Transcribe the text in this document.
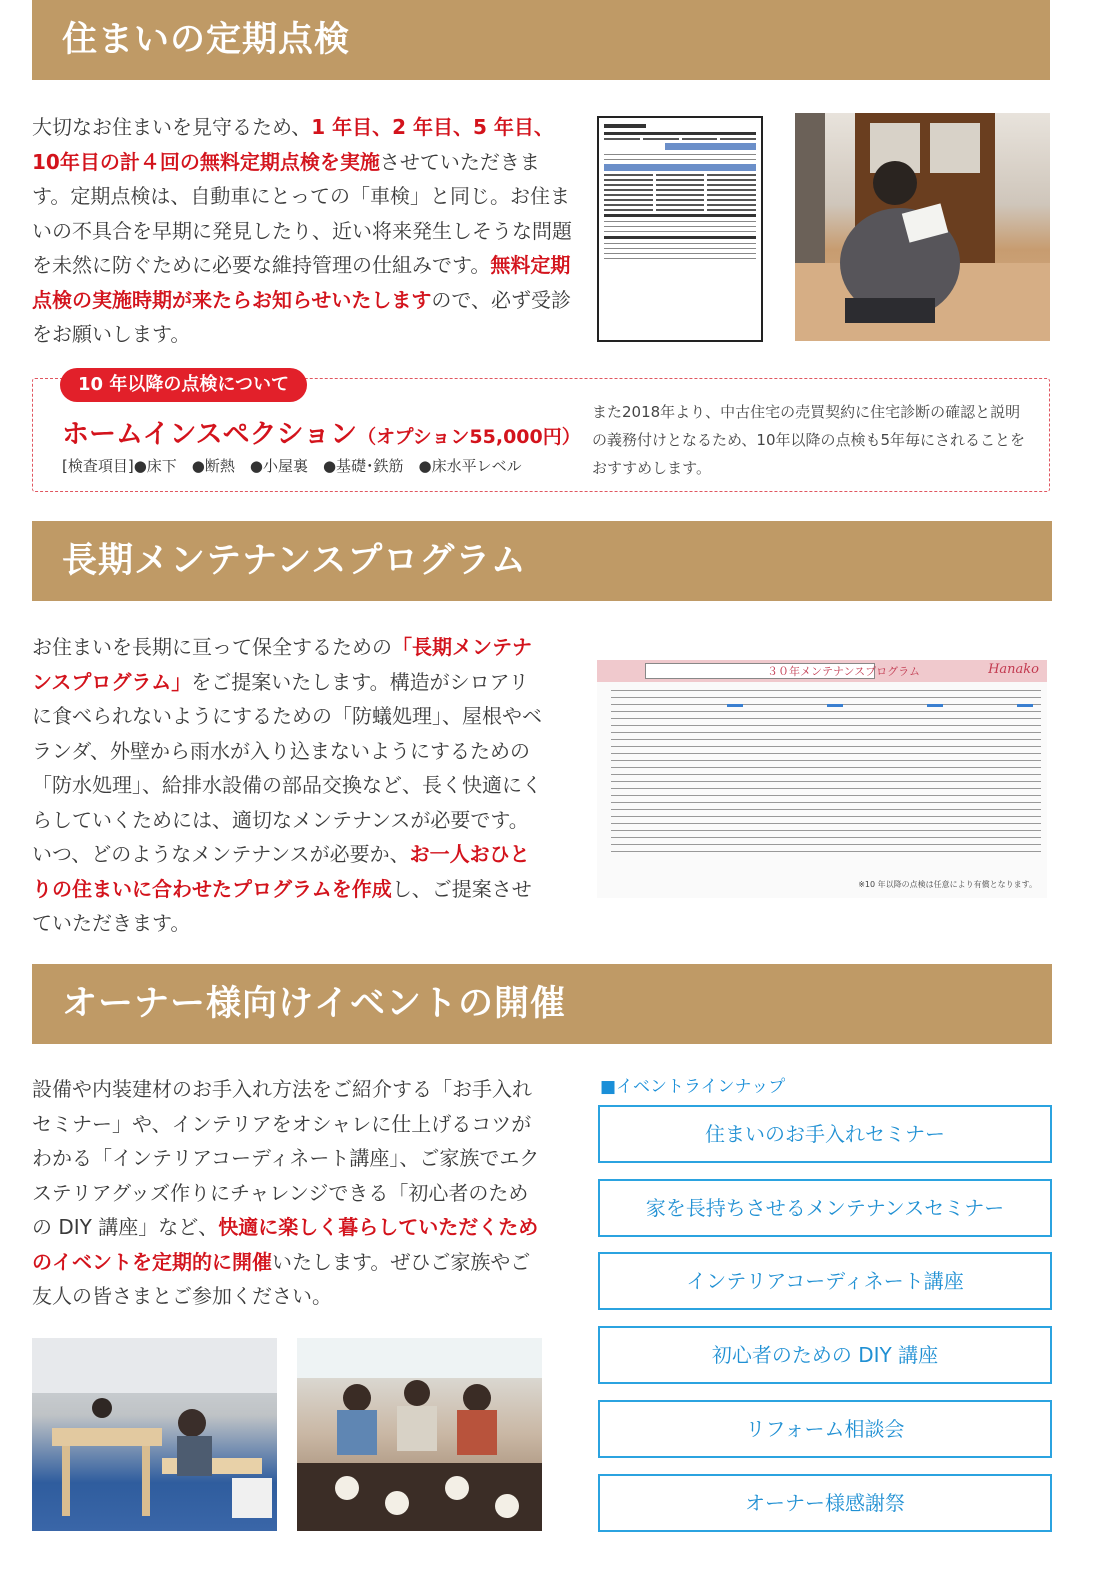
住まいの定期点検

大切なお住まいを見守るため、1 年目、2 年目、5 年目、10年目の計４回の無料定期点検を実施させていただきます。定期点検は、自動車にとっての「車検」と同じ。お住まいの不具合を早期に発見したり、近い将来発生しそうな問題を未然に防ぐために必要な維持管理の仕組みです。無料定期点検の実施時期が来たらお知らせいたしますので、必ず受診をお願いします。

10 年以降の点検について
ホームインスペクション（オプション55,000円）
[検査項目]●床下　●断熱　●小屋裏　●基礎･鉄筋　●床水平レベル

また2018年より、中古住宅の売買契約に住宅診断の確認と説明の義務付けとなるため、10年以降の点検も5年毎にされることをおすすめします。

長期メンテナンスプログラム

お住まいを長期に亘って保全するための「長期メンテナンスプログラム」をご提案いたします。構造がシロアリに食べられないようにするための「防蟻処理」、屋根やベランダ、外壁から雨水が入り込まないようにするための「防水処理」、給排水設備の部品交換など、長く快適にくらしていくためには、適切なメンテナンスが必要です。いつ、どのようなメンテナンスが必要か、お一人おひとりの住まいに合わせたプログラムを作成し、ご提案させていただきます。

３０年メンテナンスプログラム	Hanako
※10 年以降の点検は任意により有償となります。
オーナー様向けイベントの開催

設備や内装建材のお手入れ方法をご紹介する「お手入れセミナー」や、インテリアをオシャレに仕上げるコツがわかる「インテリアコーディネート講座」、ご家族でエクステリアグッズ作りにチャレンジできる「初心者のための DIY 講座」など、快適に楽しく暮らしていただくためのイベントを定期的に開催いたします。ぜひご家族やご友人の皆さまとご参加ください。

■イベントラインナップ
住まいのお手入れセミナー
家を長持ちさせるメンテナンスセミナー
インテリアコーディネート講座
初心者のための DIY 講座
リフォーム相談会
オーナー様感謝祭
